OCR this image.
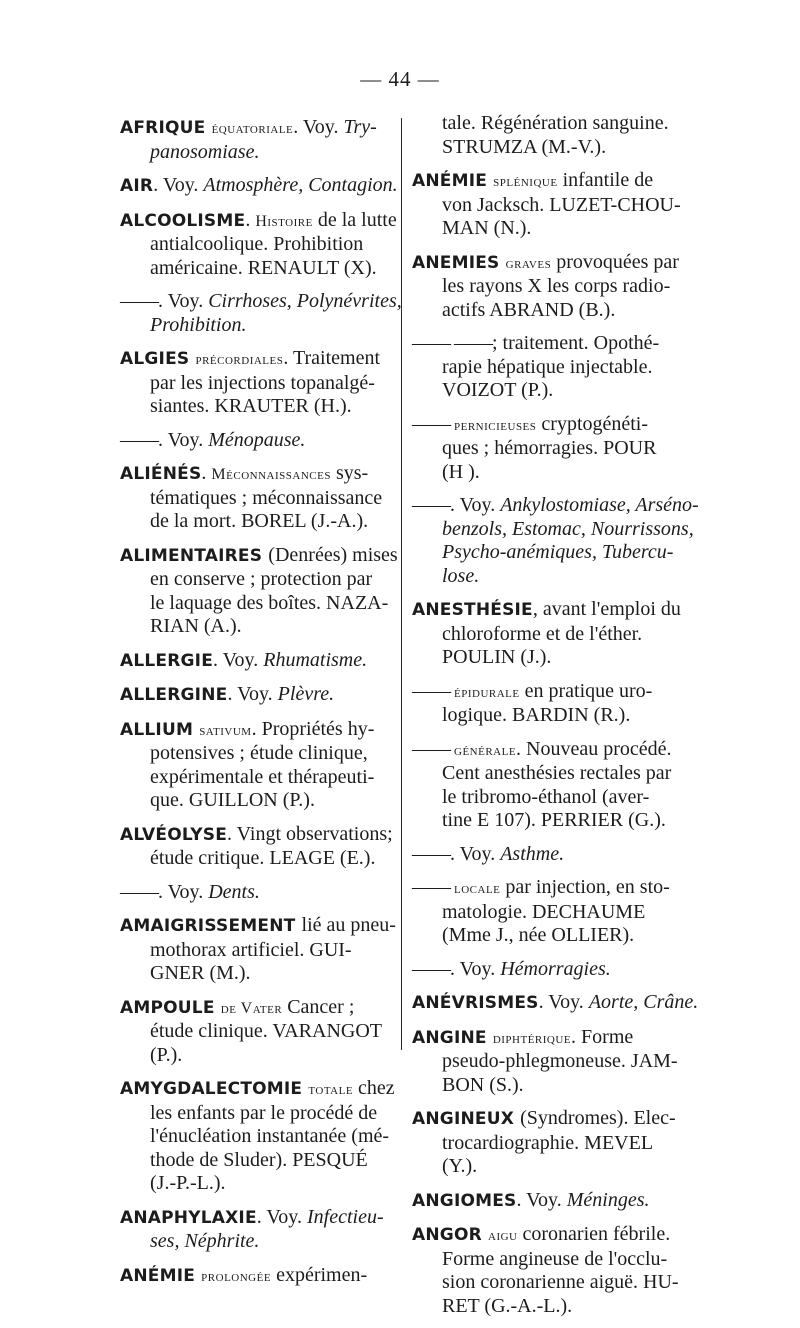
— 44 —
AFRIQUE équatoriale. Voy. Try-
panosomiase.
AIR. Voy. Atmosphère, Contagion.
ALCOOLISME. Histoire de la lutte
antialcoolique. Prohibition
américaine. RENAULT (X).
——. Voy. Cirrhoses, Polynévrites,
Prohibition.
ALGIES précordiales. Traitement
par les injections topanalgé-
siantes. KRAUTER (H.).
——. Voy. Ménopause.
ALIÉNÉS. Méconnaissances sys-
tématiques ; méconnaissance
de la mort. BOREL (J.-A.).
ALIMENTAIRES (Denrées) mises
en conserve ; protection par
le laquage des boîtes. NAZA-
RIAN (A.).
ALLERGIE. Voy. Rhumatisme.
ALLERGINE. Voy. Plèvre.
ALLIUM sativum. Propriétés hy-
potensives ; étude clinique,
expérimentale et thérapeuti-
que. GUILLON (P.).
ALVÉOLYSE. Vingt observations;
étude critique. LEAGE (E.).
——. Voy. Dents.
AMAIGRISSEMENT lié au pneu-
mothorax artificiel. GUI-
GNER (M.).
AMPOULE de Vater Cancer ;
étude clinique. VARANGOT
(P.).
AMYGDALECTOMIE totale chez
les enfants par le procédé de
l'énucléation instantanée (mé-
thode de Sluder). PESQUÉ
(J.-P.-L.).
ANAPHYLAXIE. Voy. Infectieu-
ses, Néphrite.
ANÉMIE prolongée expérimen-
tale. Régénération sanguine.
STRUMZA (M.-V.).
ANÉMIE splénique infantile de
von Jacksch. LUZET-CHOU-
MAN (N.).
ANEMIES graves provoquées par
les rayons X les corps radio-
actifs ABRAND (B.).
—— ——; traitement. Opothé-
rapie hépatique injectable.
VOIZOT (P.).
—— pernicieuses cryptogénéti-
ques ; hémorragies. POUR
(H ).
——. Voy. Ankylostomiase, Arséno-
benzols, Estomac, Nourrissons,
Psycho-anémiques, Tubercu-
lose.
ANESTHÉSIE, avant l'emploi du
chloroforme et de l'éther.
POULIN (J.).
—— épidurale en pratique uro-
logique. BARDIN (R.).
—— générale. Nouveau procédé.
Cent anesthésies rectales par
le tribromo-éthanol (aver-
tine E 107). PERRIER (G.).
——. Voy. Asthme.
—— locale par injection, en sto-
matologie. DECHAUME
(Mme J., née OLLIER).
——. Voy. Hémorragies.
ANÉVRISMES. Voy. Aorte, Crâne.
ANGINE diphtérique. Forme
pseudo-phlegmoneuse. JAM-
BON (S.).
ANGINEUX (Syndromes). Elec-
trocardiographie. MEVEL
(Y.).
ANGIOMES. Voy. Méninges.
ANGOR aigu coronarien fébrile.
Forme angineuse de l'occlu-
sion coronarienne aiguë. HU-
RET (G.-A.-L.).
